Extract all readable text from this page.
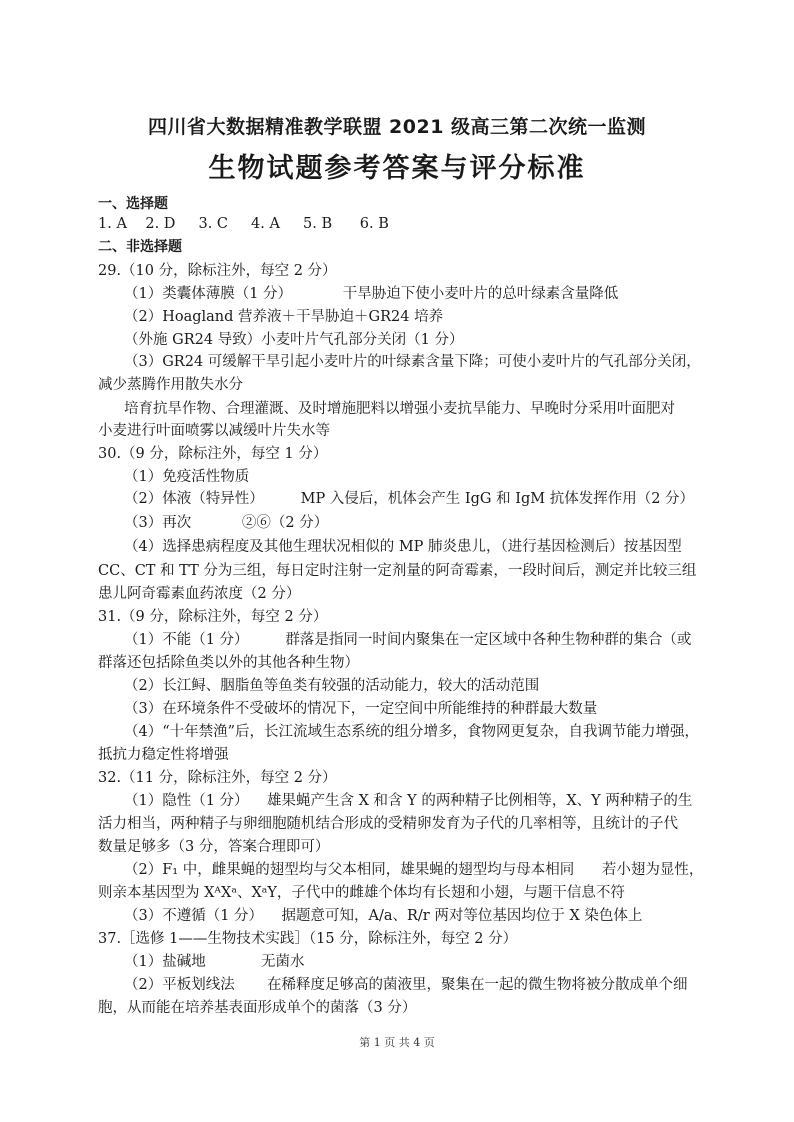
四川省大数据精准教学联盟 2021 级高三第二次统一监测
生物试题参考答案与评分标准
一、选择题
1. A    2. D     3. C     4. A     5. B      6. B
二、非选择题
29.（10 分，除标注外，每空 2 分）
（1）类囊体薄膜（1 分）           干旱胁迫下使小麦叶片的总叶绿素含量降低
（2）Hoagland 营养液＋干旱胁迫＋GR24 培养
（外施 GR24 导致）小麦叶片气孔部分关闭（1 分）
（3）GR24 可缓解干旱引起小麦叶片的叶绿素含量下降；可使小麦叶片的气孔部分关闭，
减少蒸腾作用散失水分
培育抗旱作物、合理灌溉、及时增施肥料以增强小麦抗旱能力、早晚时分采用叶面肥对
小麦进行叶面喷雾以减缓叶片失水等
30.（9 分，除标注外，每空 1 分）
（1）免疫活性物质
（2）体液（特异性）        MP 入侵后，机体会产生 IgG 和 IgM 抗体发挥作用（2 分）
（3）再次           ②⑥（2 分）
（4）选择患病程度及其他生理状况相似的 MP 肺炎患儿，（进行基因检测后）按基因型
CC、CT 和 TT 分为三组，每日定时注射一定剂量的阿奇霉素，一段时间后，测定并比较三组
患儿阿奇霉素血药浓度（2 分）
31.（9 分，除标注外，每空 2 分）
（1）不能（1 分）        群落是指同一时间内聚集在一定区域中各种生物种群的集合（或
群落还包括除鱼类以外的其他各种生物）
（2）长江鲟、胭脂鱼等鱼类有较强的活动能力，较大的活动范围
（3）在环境条件不受破坏的情况下，一定空间中所能维持的种群最大数量
（4）“十年禁渔”后，长江流域生态系统的组分增多，食物网更复杂，自我调节能力增强，
抵抗力稳定性将增强
32.（11 分，除标注外，每空 2 分）
（1）隐性（1 分）    雄果蝇产生含 X 和含 Y 的两种精子比例相等，X、Y 两种精子的生
活力相当，两种精子与卵细胞随机结合形成的受精卵发育为子代的几率相等，且统计的子代
数量足够多（3 分，答案合理即可）
（2）F₁ 中，雌果蝇的翅型均与父本相同，雄果蝇的翅型均与母本相同      若小翅为显性，
则亲本基因型为 XᴬXᵃ、XᵃY，子代中的雌雄个体均有长翅和小翅，与题干信息不符
（3）不遵循（1 分）    据题意可知，A/a、R/r 两对等位基因均位于 X 染色体上
37.［选修 1——生物技术实践］（15 分，除标注外，每空 2 分）
（1）盐碱地            无菌水
（2）平板划线法       在稀释度足够高的菌液里，聚集在一起的微生物将被分散成单个细
胞，从而能在培养基表面形成单个的菌落（3 分）
第 1 页 共 4 页
